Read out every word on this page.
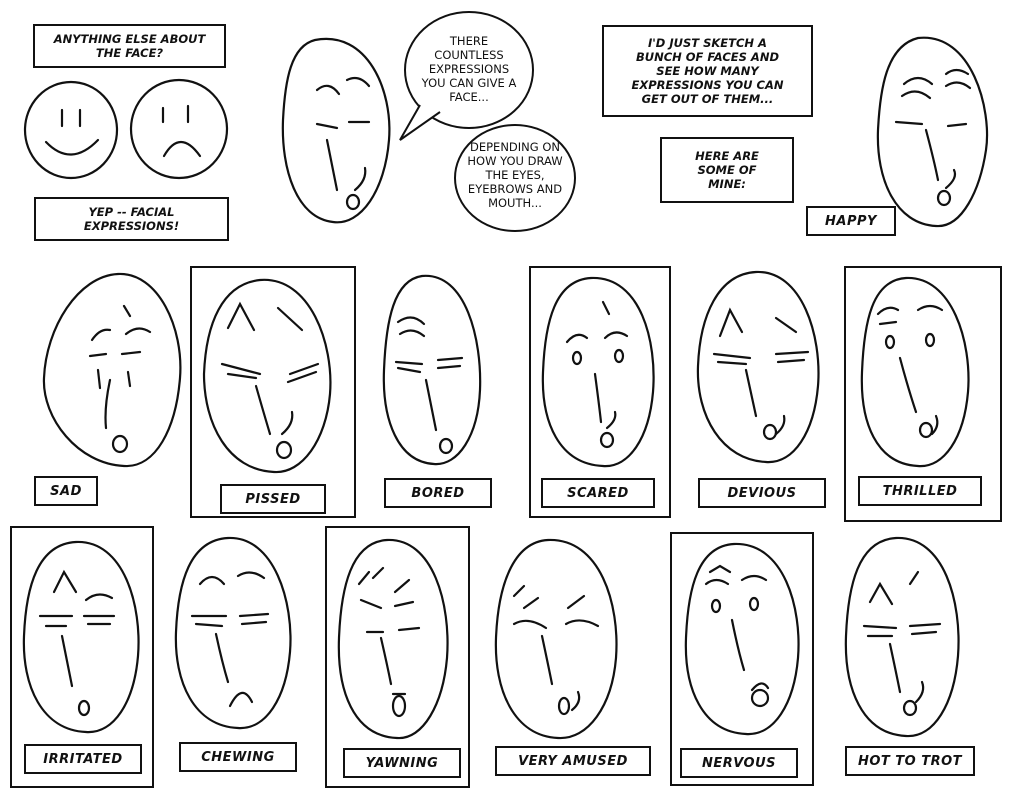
ANYTHING ELSE ABOUT
THE FACE?
YEP -- FACIAL
EXPRESSIONS!
THERE
COUNTLESS
EXPRESSIONS
YOU CAN GIVE A
FACE...
DEPENDING ON
HOW YOU DRAW
THE EYES,
EYEBROWS AND
MOUTH...
I'D JUST SKETCH A
BUNCH OF FACES AND
SEE HOW MANY
EXPRESSIONS YOU CAN
GET OUT OF THEM...
HERE ARE
SOME OF
MINE:
HAPPY
SAD
PISSED	BORED	SCARED	DEVIOUS	THRILLED
IRRITATED	CHEWING	YAWNING	VERY AMUSED	NERVOUS	HOT TO TROT
